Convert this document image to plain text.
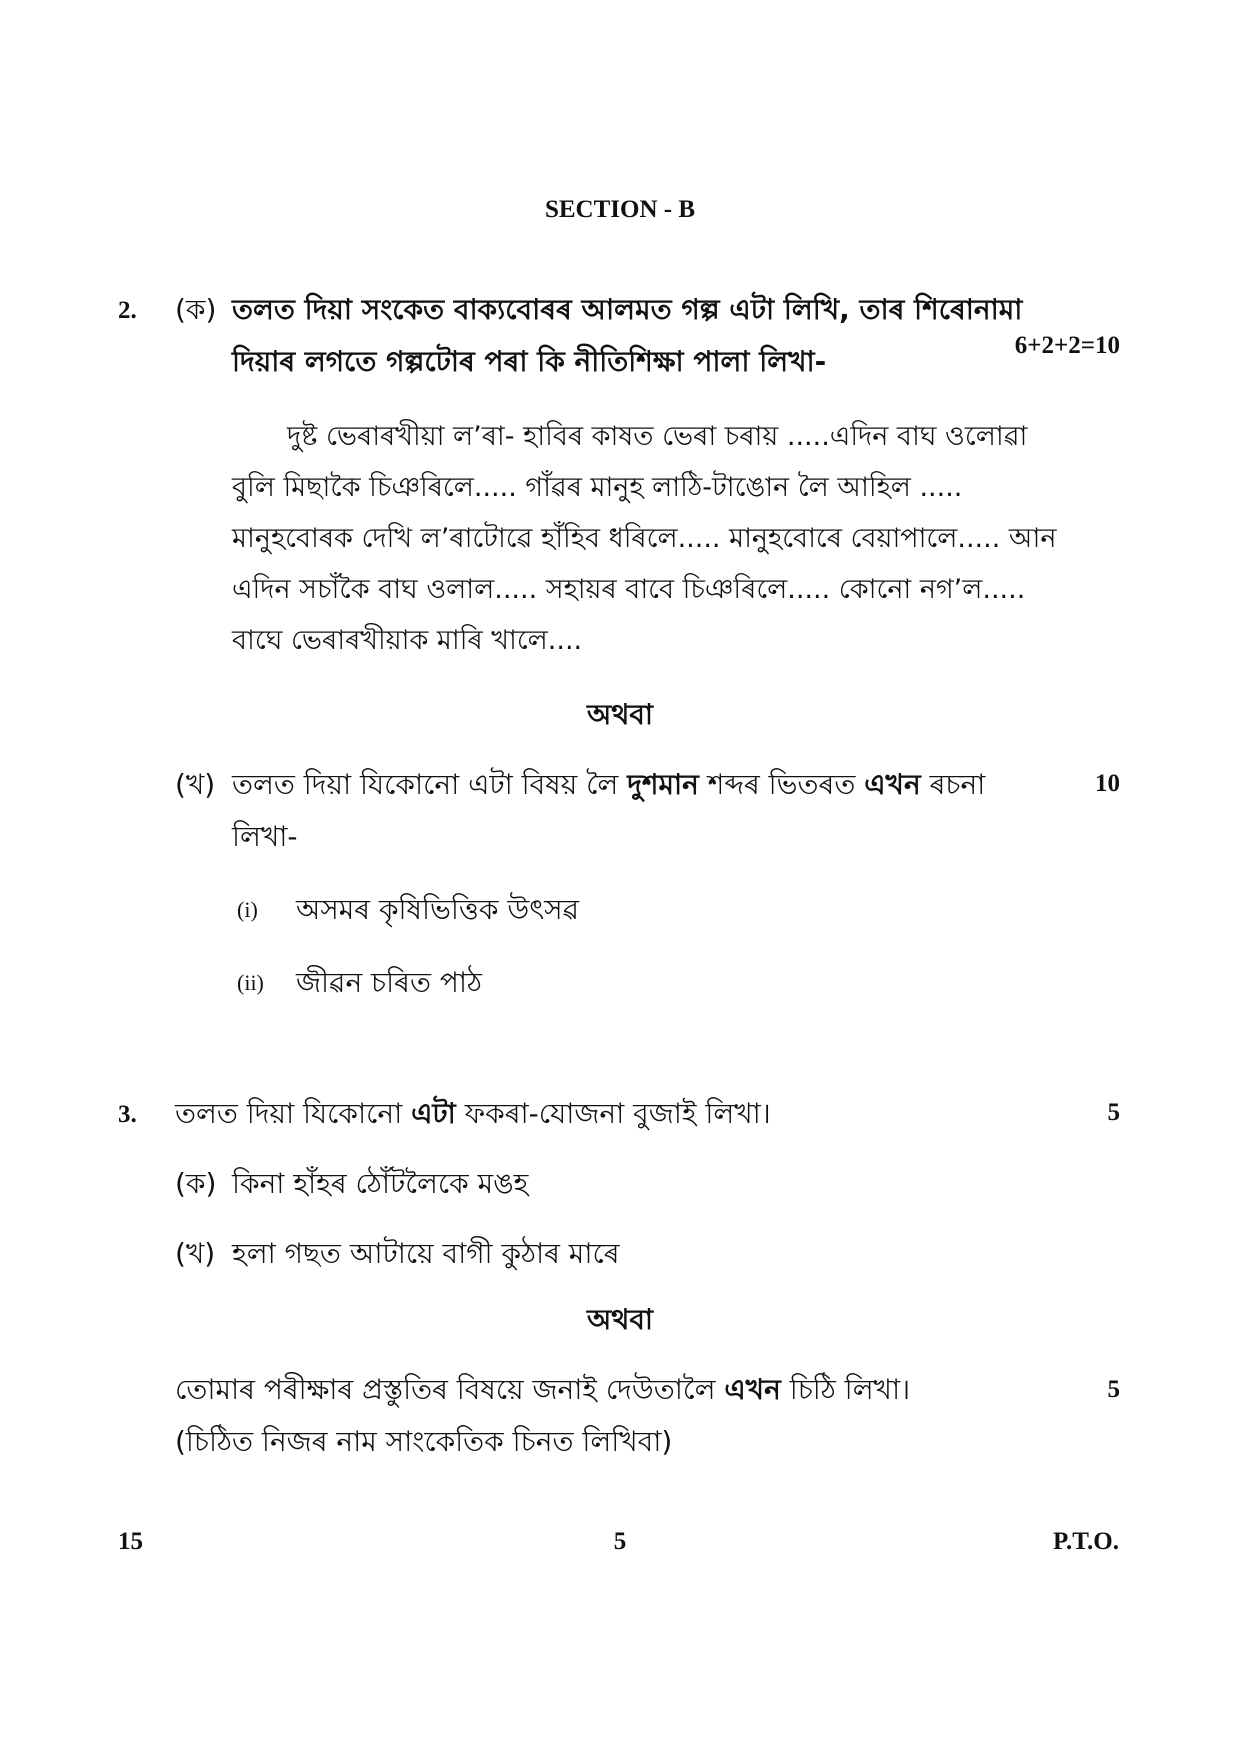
SECTION - B
2. (ক) তলত দিয়া সংকেত বাক্যবোৰৰ আলমত গল্প এটা লিখি, তাৰ শিৰোনামা
দিয়াৰ লগতে গল্পটোৰ পৰা কি নীতিশিক্ষা পালা লিখা-	6+2+2=10
দুষ্ট ভেৰাৰখীয়া ল’ৰা- হাবিৰ কাষত ভেৰা চৰায় .....এদিন বাঘ ওলোৱা
বুলি মিছাকৈ চিঞৰিলে..... গাঁৱৰ মানুহ লাঠি-টাঙোন লৈ আহিল .....
মানুহবোৰক দেখি ল’ৰাটোৱে হাঁহিব ধৰিলে..... মানুহবোৰে বেয়াপালে..... আন
এদিন সচাঁকৈ বাঘ ওলাল..... সহায়ৰ বাবে চিঞৰিলে..... কোনো নগ’ল.....
বাঘে ভেৰাৰখীয়াক মাৰি খালে....
অথবা
(খ) তলত দিয়া যিকোনো এটা বিষয় লৈ দুশমান শব্দৰ ভিতৰত এখন ৰচনা
লিখা-
10
(i) অসমৰ কৃষিভিত্তিক উৎসৱ
(ii) জীৱন চৰিত পাঠ
3. তলত দিয়া যিকোনো এটা ফকৰা-যোজনা বুজাই লিখা।	5
(ক) কিনা হাঁহৰ ঠোঁটলৈকে মঙহ
(খ) হলা গছত আটায়ে বাগী কুঠাৰ মাৰে
অথবা
তোমাৰ পৰীক্ষাৰ প্ৰস্তুতিৰ বিষয়ে জনাই দেউতালৈ এখন চিঠি লিখা।
(চিঠিত নিজৰ নাম সাংকেতিক চিনত লিখিবা)
5
15	5	P.T.O.
